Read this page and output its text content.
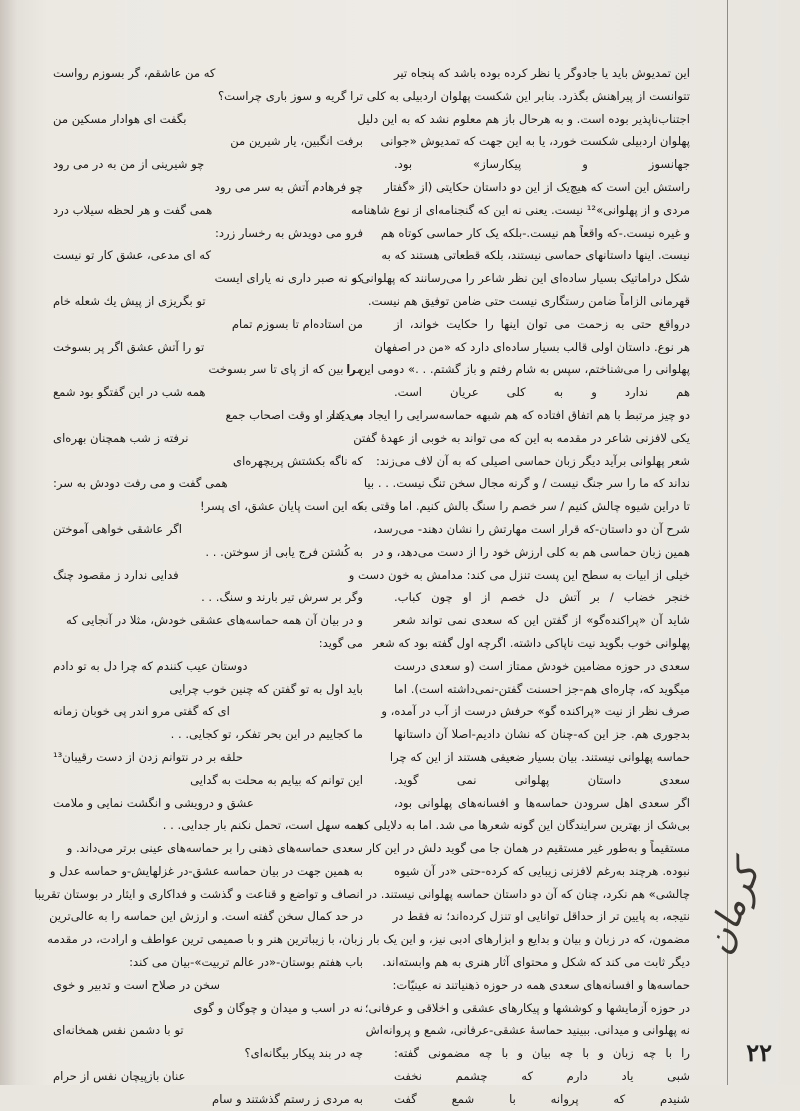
این تمدیوش باید یا جادوگر یا نظر کرده بوده باشد که پنجاه تیر
تتوانست از پیراهنش بگذرد. بنابر این شکست پهلوان اردبیلی به کلی
اجتناب‌ناپذیر بوده است. و به هرحال باز هم معلوم نشد که به این دلیل
پهلوان اردبیلی شکست خورد، یا به این جهت که تمدیوش «جوانی
جهانسوز و پیکارساز» بود.
راستش این است که هیچ‌یک از این دو داستان حکایتی (از «گفتار
مردی و از پهلوانی»¹² نیست. یعنی نه این که گنجنامه‌ای از نوع شاهنامه
و غیره نیست.-که واقعاً هم نیست.-بلکه یک کار حماسی کوتاه هم
نیست. اینها داستانهای حماسی نیستند، بلکه قطعاتی هستند که به
شکل دراماتیک بسیار ساده‌ای این نظر شاعر را می‌رسانند که پهلوانی و
قهرمانی الزاماً ضامن رستگاری نیست حتی ضامن توفیق هم نیست.
درواقع حتی به زحمت می توان اینها را حکایت خواند، از
هر نوع. داستان اولی قالب بسیار ساده‌ای دارد که «من در اصفهان
پهلوانی را می‌شناختم، سپس به شام رفتم و باز گشتم. . .» دومی این را
هم ندارد و به کلی عریان است.
دو چیز مرتبط با هم اتفاق افتاده که هم شبهه حماسه‌سرایی را ایجاد می کند.
یکی لافزنی شاعر در مقدمه به این که می تواند به خوبی از عهدهٔ گفتن
شعر پهلوانی برآید دیگر زبان حماسی اصیلی که به آن لاف می‌زند:
نداند که ما را سر جنگ نیست / و گرنه مجال سخن تنگ نیست. . . بیا
تا دراین شیوه چالش کنیم / سر خصم را سنگ بالش کنیم. اما وقتی به
شرح آن دو داستان-که قرار است مهارتش را نشان دهند- می‌رسد،
همین زبان حماسی هم به کلی ارزش خود را از دست می‌دهد، و در
خیلی از ابیات به سطح این پست تنزل می کند: مدامش به خون دست و
خنجر خضاب / بر آتش دل خصم از او چون کباب.
شاید آن «پراکنده‌گو» از گفتن این که سعدی نمی تواند شعر
پهلوانی خوب بگوید نیت ناپاکی داشته. اگرچه اول گفته بود که شعر
سعدی در حوزه مضامین خودش ممتاز است (و سعدی درست
میگوید که، چاره‌ای هم-جز احسنت گفتن-نمی‌داشته است). اما
صرف نظر از نیت «پراکنده گو» حرفش درست از آب در آمده، و
بدجوری هم. جز این که-چنان که نشان دادیم-اصلا آن داستانها
حماسه پهلوانی نیستند. بیان بسیار ضعیفی هستند از این که چرا
سعدی داستان پهلوانی نمی گوید.
اگر سعدی اهل سرودن حماسه‌ها و افسانه‌های پهلوانی بود،
بی‌شک از بهترین سرایندگان این گونه شعرها می شد. اما به دلایلی که
مستقیماً و به‌طور غیر مستقیم در همان جا می گوید دلش در این کار
نبوده. هرچند به‌رغم لافزنی زیبایی که کرده-حتی «در آن شیوه
چالشی» هم نکرد، چنان که آن دو داستان حماسه پهلوانی نیستند. در
نتیجه، به پایین تر از حداقل توانایی او تنزل کرده‌اند؛ نه فقط در
مضمون، که در زبان و بیان و بدایع و ابزارهای ادبی نیز، و این یک بار
دیگر ثابت می کند که شکل و محتوای آثار هنری به هم وابسته‌اند.
حماسه‌ها و افسانه‌های سعدی همه در حوزه ذهنیاتند نه عینیّات:
در حوزه آزمایشها و کوششها و پیکارهای عشقی و اخلاقی و عرفانی؛
نه پهلوانی و میدانی. ببینید حماسهٔ عشقی-عرفانی، شمع و پروانه‌اش
را با چه زبان و با چه بیان و با چه مضمونی گفته:
شبی یاد دارم که چشمم نخفت
شنیدم که پروانه با شمع گفت
که من عاشقم، گر بسوزم رواست
ترا گریه و سوز باری چراست؟
بگفت ای هوادار مسکین من
برفت انگبین، یار شیرین من
چو شیرینی از من به در می رود
چو فرهادم آتش به سر می رود
همی گفت و هر لحظه سیلاب درد
فرو می دویدش به رخسار زرد:
که ای مدعی، عشق کار تو نیست
که نه صبر داری نه یارای ایست
تو بگریزی از پیش یك شعله خام
من استاده‌ام تا بسوزم تمام
تو را آتش عشق اگر پر بسوخت
مرا بین که از پای تا سر بسوخت
همه شب در این گفتگو بود شمع
به دیدار او وقت اصحاب جمع
نرفته ز شب همچنان بهره‌ای
که ناگه بکشتش پریچهره‌ای
همی گفت و می رفت دودش به سر:
که این است پایان عشق، ای پسر!
اگر عاشقی خواهی آموختن
به کُشتن فرج یابی از سوختن. . .
فدایی ندارد ز مقصود چنگ
وگر بر سرش تیر بارند و سنگ. . .
و در بیان آن همه حماسه‌های عشقی خودش، مثلا در آنجایی که
می گوید:
دوستان عیب کنندم که چرا دل به تو دادم
باید اول به تو گفتن که چنین خوب چرایی
ای که گفتی مرو اندر پی خوبان زمانه
ما کجاییم در این بحر تفکر، تو کجایی. . .
حلقه بر در نتوانم زدن از دست رقیبان¹³
این توانم که بیایم به محلت به گدایی
عشق و درویشی و انگشت نمایی و ملامت
همه سهل است، تحمل نکنم بار جدایی. . .
سعدی حماسه‌های ذهنی را بر حماسه‌های عینی برتر می‌داند. و
به همین جهت در بیان حماسه عشق-در غزلهایش-و حماسه عدل و
انصاف و تواضع و قناعت و گذشت و فداکاری و ایثار در بوستان تقریبا
در حد کمال سخن گفته است. و ارزش این حماسه را به عالی‌ترین
زبان، با زیباترین هنر و با صمیمی ترین عواطف و ارادت، در مقدمه
باب هفتم بوستان-«در عالم تربیت»-بیان می کند:
سخن در صلاح است و تدبیر و خوی
نه در اسب و میدان و چوگان و گوی
تو با دشمن نفس همخانه‌ای
چه در بند پیکار بیگانه‌ای؟
عنان بازپیچان نفس از حرام
به مردی ز رستم گذشتند و سام
کرمان
۲۲
